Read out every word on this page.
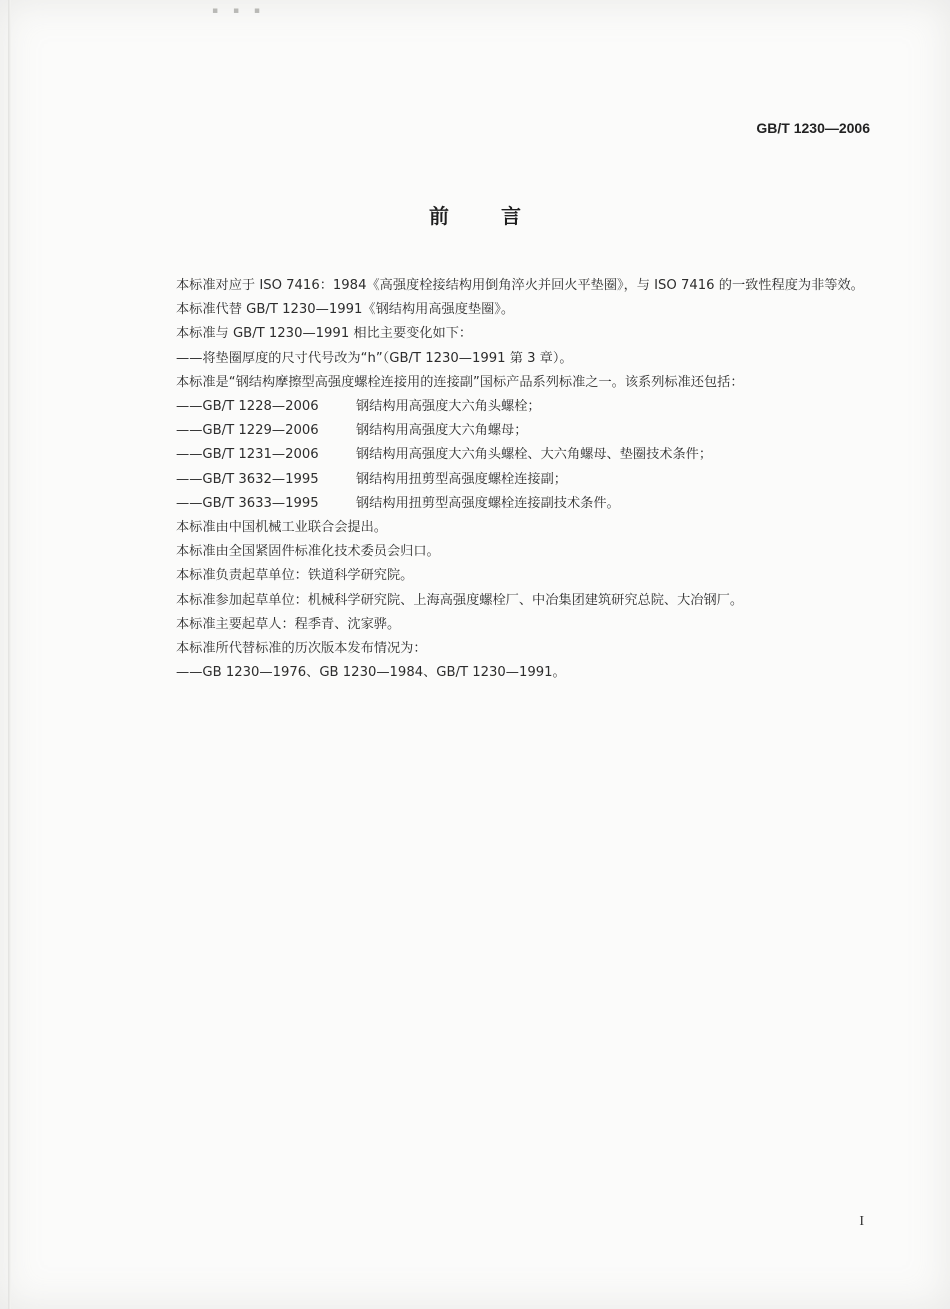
▪ ▪ ▪
GB/T 1230—2006
前言

本标准对应于 ISO 7416：1984《高强度栓接结构用倒角淬火并回火平垫圈》，与 ISO 7416 的一致性程度为非等效。

本标准代替 GB/T 1230—1991《钢结构用高强度垫圈》。

本标准与 GB/T 1230—1991 相比主要变化如下：

——将垫圈厚度的尺寸代号改为“h”（GB/T 1230—1991 第 3 章）。

本标准是“钢结构摩擦型高强度螺栓连接用的连接副”国标产品系列标准之一。该系列标准还包括：

——GB/T 1228—2006	钢结构用高强度大六角头螺栓；

——GB/T 1229—2006	钢结构用高强度大六角螺母；

——GB/T 1231—2006	钢结构用高强度大六角头螺栓、大六角螺母、垫圈技术条件；

——GB/T 3632—1995	钢结构用扭剪型高强度螺栓连接副；

——GB/T 3633—1995	钢结构用扭剪型高强度螺栓连接副技术条件。

本标准由中国机械工业联合会提出。

本标准由全国紧固件标准化技术委员会归口。

本标准负责起草单位：铁道科学研究院。

本标准参加起草单位：机械科学研究院、上海高强度螺栓厂、中冶集团建筑研究总院、大冶钢厂。

本标准主要起草人：程季青、沈家骅。

本标准所代替标准的历次版本发布情况为：

——GB 1230—1976、GB 1230—1984、GB/T 1230—1991。

I
